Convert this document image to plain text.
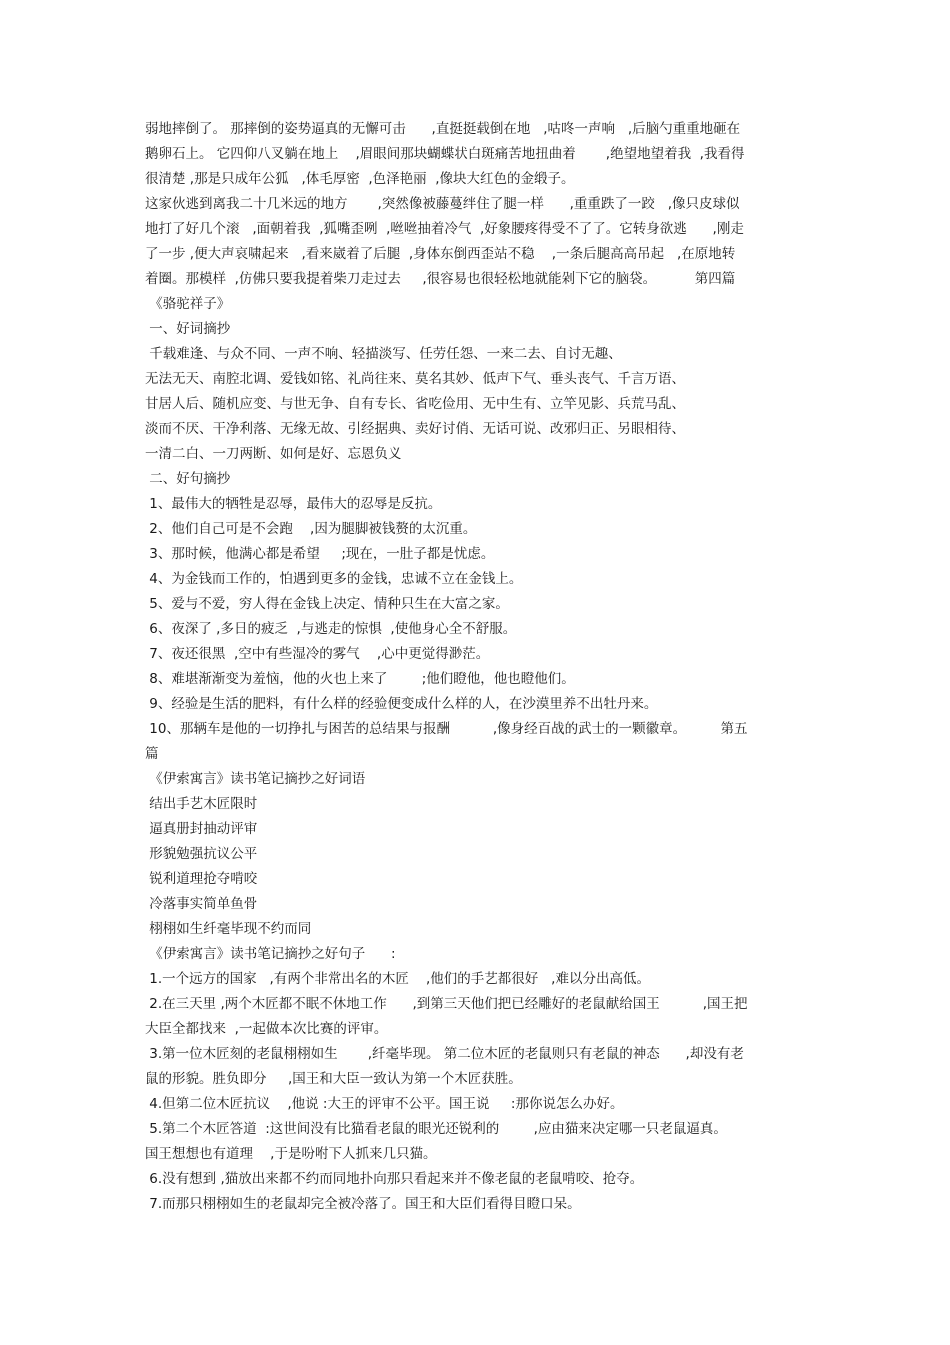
弱地摔倒了。 那摔倒的姿势逼真的无懈可击      ,直挺挺载倒在地   ,咕咚一声响   ,后脑勺重重地砸在
鹅卵石上。 它四仰八叉躺在地上    ,眉眼间那块蝴蝶状白斑痛苦地扭曲着       ,绝望地望着我  ,我看得
很清楚 ,那是只成年公狐   ,体毛厚密  ,色泽艳丽  ,像块大红色的金缎子。
这家伙逃到离我二十几米远的地方       ,突然像被藤蔓绊住了腿一样      ,重重跌了一跤   ,像只皮球似
地打了好几个滚   ,面朝着我  ,狐嘴歪咧  ,咝咝抽着冷气  ,好象腰疼得受不了了。它转身欲逃      ,刚走
了一步 ,便大声哀啸起来   ,看来崴着了后腿  ,身体东倒西歪站不稳    ,一条后腿高高吊起   ,在原地转
着圈。那模样  ,仿佛只要我提着柴刀走过去     ,很容易也很轻松地就能剁下它的脑袋。         第四篇
《骆驼祥子》
一、好词摘抄
千载难逢、与众不同、一声不响、轻描淡写、任劳任怨、一来二去、自讨无趣、
无法无天、南腔北调、爱钱如铭、礼尚往来、莫名其妙、低声下气、垂头丧气、千言万语、
甘居人后、随机应变、与世无争、自有专长、省吃俭用、无中生有、立竿见影、兵荒马乱、
淡而不厌、干净利落、无缘无故、引经据典、卖好讨俏、无话可说、改邪归正、另眼相待、
一清二白、一刀两断、如何是好、忘恩负义
二、好句摘抄
1、最伟大的牺牲是忍辱，最伟大的忍辱是反抗。
2、他们自己可是不会跑    ,因为腿脚被钱赘的太沉重。
3、那时候，他满心都是希望     ;现在，一肚子都是忧虑。
4、为金钱而工作的，怕遇到更多的金钱，忠诚不立在金钱上。
5、爱与不爱，穷人得在金钱上决定、情种只生在大富之家。
6、夜深了 ,多日的疲乏  ,与逃走的惊惧  ,使他身心全不舒服。
7、夜还很黑  ,空中有些湿冷的雾气    ,心中更觉得渺茫。
8、难堪渐渐变为羞恼，他的火也上来了        ;他们瞪他，他也瞪他们。
9、经验是生活的肥料，有什么样的经验便变成什么样的人，在沙漠里养不出牡丹来。
10、那辆车是他的一切挣扎与困苦的总结果与报酬          ,像身经百战的武士的一颗徽章。        第五
篇
《伊索寓言》读书笔记摘抄之好词语
结出手艺木匠限时
逼真册封抽动评审
形貌勉强抗议公平
锐利道理抢夺啃咬
冷落事实简单鱼骨
栩栩如生纤毫毕现不约而同
《伊索寓言》读书笔记摘抄之好句子      :
1.一个远方的国家   ,有两个非常出名的木匠    ,他们的手艺都很好   ,难以分出高低。
2.在三天里 ,两个木匠都不眠不休地工作      ,到第三天他们把已经雕好的老鼠献给国王          ,国王把
大臣全都找来  ,一起做本次比赛的评审。
3.第一位木匠刻的老鼠栩栩如生       ,纤毫毕现。 第二位木匠的老鼠则只有老鼠的神态      ,却没有老
鼠的形貌。胜负即分     ,国王和大臣一致认为第一个木匠获胜。
4.但第二位木匠抗议    ,他说 :大王的评审不公平。国王说     :那你说怎么办好。
5.第二个木匠答道  :这世间没有比猫看老鼠的眼光还锐利的        ,应由猫来决定哪一只老鼠逼真。
国王想想也有道理    ,于是吩咐下人抓来几只猫。
6.没有想到 ,猫放出来都不约而同地扑向那只看起来并不像老鼠的老鼠啃咬、抢夺。
7.而那只栩栩如生的老鼠却完全被冷落了。国王和大臣们看得目瞪口呆。
